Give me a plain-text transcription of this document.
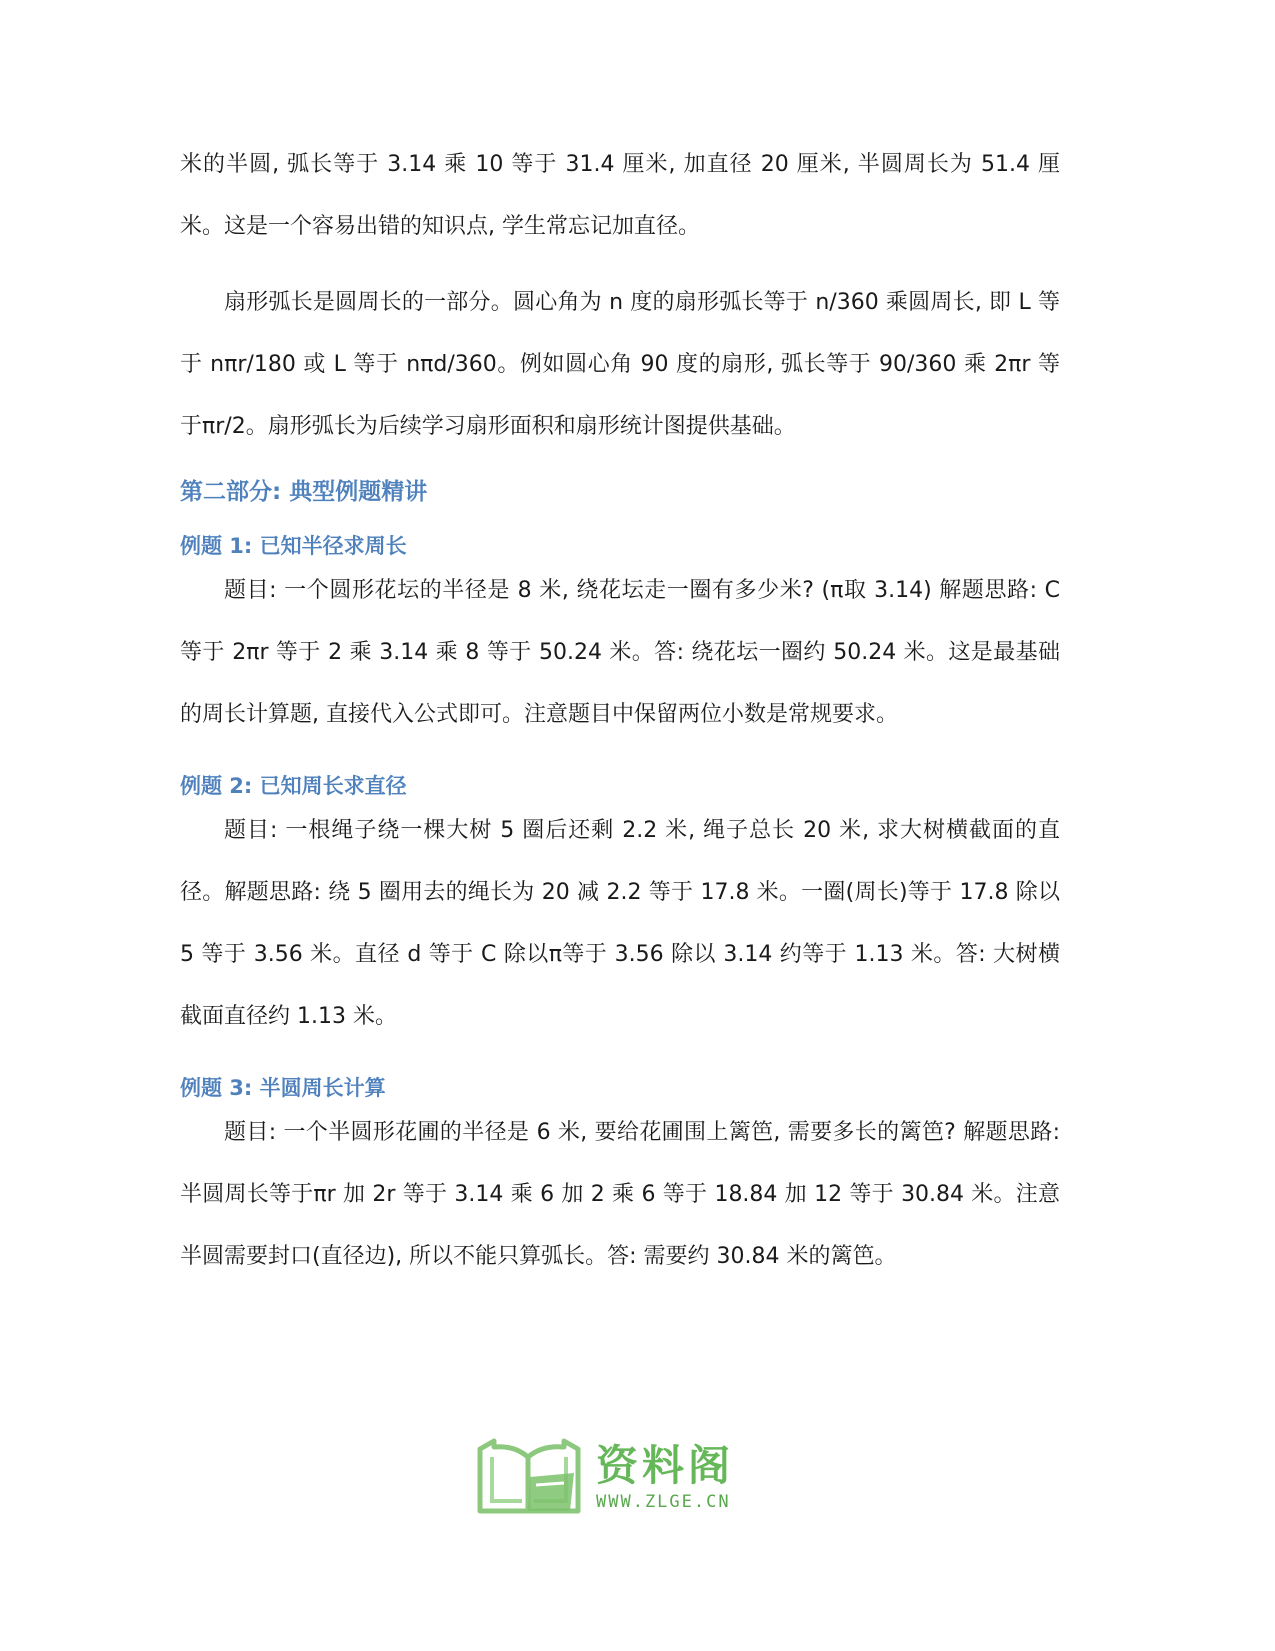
米的半圆, 弧长等于 3.14 乘 10 等于 31.4 厘米, 加直径 20 厘米, 半圆周长为 51.4 厘米。这是一个容易出错的知识点, 学生常忘记加直径。

扇形弧长是圆周长的一部分。圆心角为 n 度的扇形弧长等于 n/360 乘圆周长, 即 L 等于 nπr/180 或 L 等于 nπd/360。例如圆心角 90 度的扇形, 弧长等于 90/360 乘 2πr 等于πr/2。扇形弧长为后续学习扇形面积和扇形统计图提供基础。

第二部分: 典型例题精讲
例题 1: 已知半径求周长

题目: 一个圆形花坛的半径是 8 米, 绕花坛走一圈有多少米? (π取 3.14) 解题思路: C 等于 2πr 等于 2 乘 3.14 乘 8 等于 50.24 米。答: 绕花坛一圈约 50.24 米。这是最基础的周长计算题, 直接代入公式即可。注意题目中保留两位小数是常规要求。

例题 2: 已知周长求直径

题目: 一根绳子绕一棵大树 5 圈后还剩 2.2 米, 绳子总长 20 米, 求大树横截面的直径。解题思路: 绕 5 圈用去的绳长为 20 减 2.2 等于 17.8 米。一圈(周长)等于 17.8 除以 5 等于 3.56 米。直径 d 等于 C 除以π等于 3.56 除以 3.14 约等于 1.13 米。答: 大树横截面直径约 1.13 米。

例题 3: 半圆周长计算

题目: 一个半圆形花圃的半径是 6 米, 要给花圃围上篱笆, 需要多长的篱笆? 解题思路: 半圆周长等于πr 加 2r 等于 3.14 乘 6 加 2 乘 6 等于 18.84 加 12 等于 30.84 米。注意半圆需要封口(直径边), 所以不能只算弧长。答: 需要约 30.84 米的篱笆。

资料阁
WWW.ZLGE.CN
